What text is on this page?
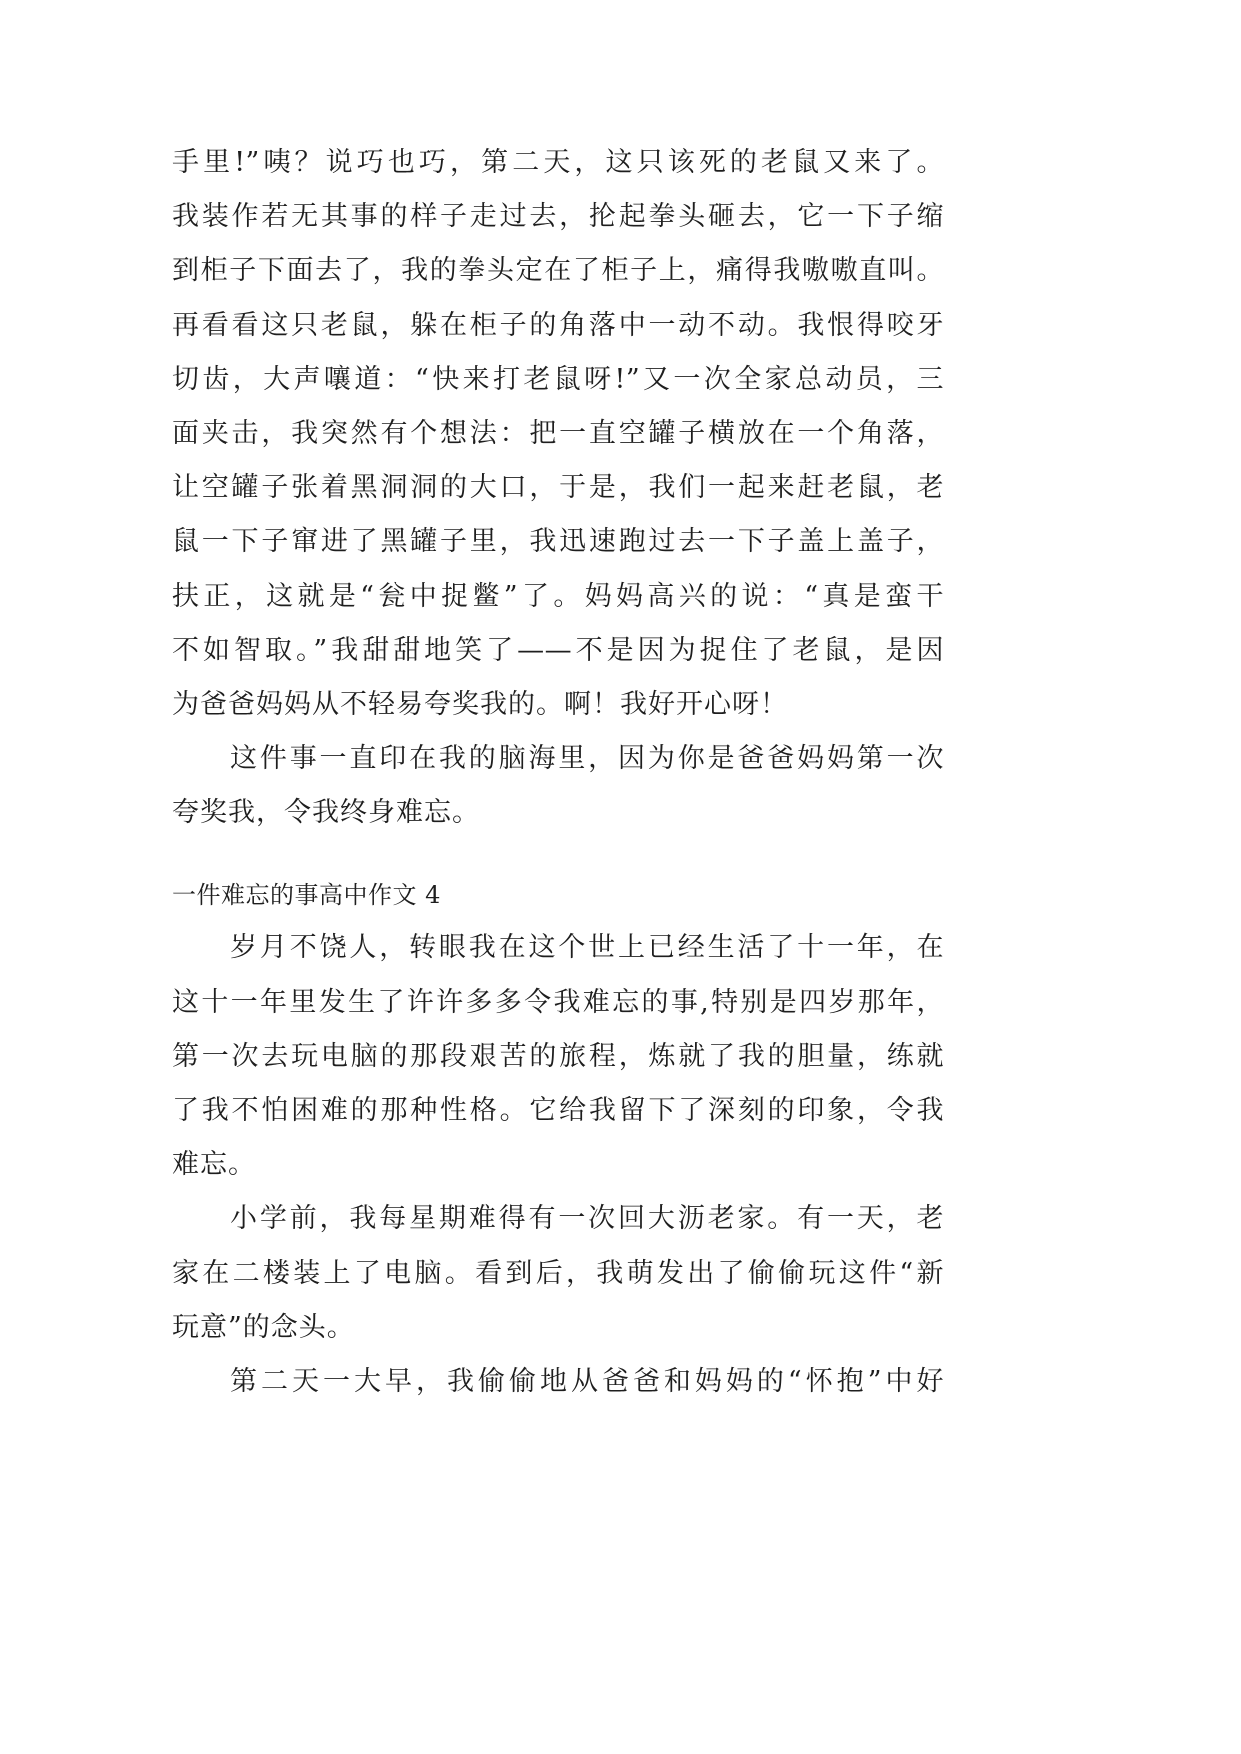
手里!”咦？说巧也巧，第二天，这只该死的老鼠又来了。
我装作若无其事的样子走过去，抡起拳头砸去，它一下子缩
到柜子下面去了，我的拳头定在了柜子上，痛得我嗷嗷直叫。
再看看这只老鼠，躲在柜子的角落中一动不动。我恨得咬牙
切齿，大声嚷道：“快来打老鼠呀!”又一次全家总动员，三
面夹击，我突然有个想法：把一直空罐子横放在一个角落，
让空罐子张着黑洞洞的大口，于是，我们一起来赶老鼠，老
鼠一下子窜进了黑罐子里，我迅速跑过去一下子盖上盖子，
扶正，这就是“瓮中捉鳖”了。妈妈高兴的说：“真是蛮干
不如智取。”我甜甜地笑了——不是因为捉住了老鼠，是因
为爸爸妈妈从不轻易夸奖我的。啊！我好开心呀！
这件事一直印在我的脑海里，因为你是爸爸妈妈第一次
夸奖我，令我终身难忘。
一件难忘的事高中作文 4
岁月不饶人，转眼我在这个世上已经生活了十一年，在
这十一年里发生了许许多多令我难忘的事,特别是四岁那年，
第一次去玩电脑的那段艰苦的旅程，炼就了我的胆量，练就
了我不怕困难的那种性格。它给我留下了深刻的印象，令我
难忘。
小学前，我每星期难得有一次回大沥老家。有一天，老
家在二楼装上了电脑。看到后，我萌发出了偷偷玩这件“新
玩意”的念头。
第二天一大早，我偷偷地从爸爸和妈妈的“怀抱”中好
